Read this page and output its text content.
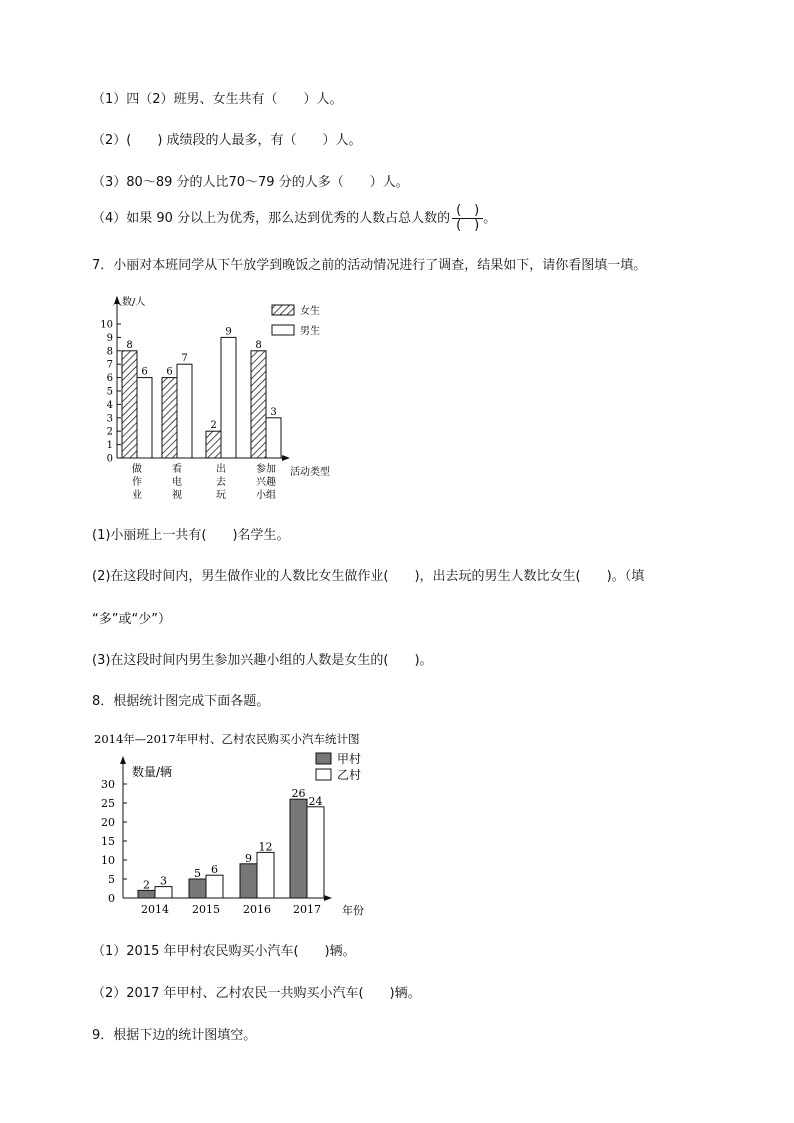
（1）四（2）班男、女生共有（　　）人。
（2）(　　) 成绩段的人最多，有（　　）人。
（3）80～89 分的人比70～79 分的人多（　　）人。
（4）如果 90 分以上为优秀，那么达到优秀的人数占总人数的 $\frac{( )}{( )}$ 。
7．小丽对本班同学从下午放学到晚饭之前的活动情况进行了调查，结果如下，请你看图填一填。
人数/人
活动类型
0
1
2
3
4
5
6
7
8
9
10
8
6
2
8
6
7
9
3
做
作
业
看
电
视
出
去
玩
参加
兴趣
小组
女生
男生
(1)小丽班上一共有(　　)名学生。
(2)在这段时间内，男生做作业的人数比女生做作业(　　)，出去玩的男生人数比女生(　　)。（填
“多”或“少”）
(3)在这段时间内男生参加兴趣小组的人数是女生的(　　)。
8．根据统计图完成下面各题。
2014年—2017年甲村、乙村农民购买小汽车统计图
数量/辆
年份
0
5
10
15
20
25
30
2
5
9
26
3
6
12
24
2014 2015 2016 2017
甲村
乙村
（1）2015 年甲村农民购买小汽车(　　)辆。
（2）2017 年甲村、乙村农民一共购买小汽车(　　)辆。
9．根据下边的统计图填空。
